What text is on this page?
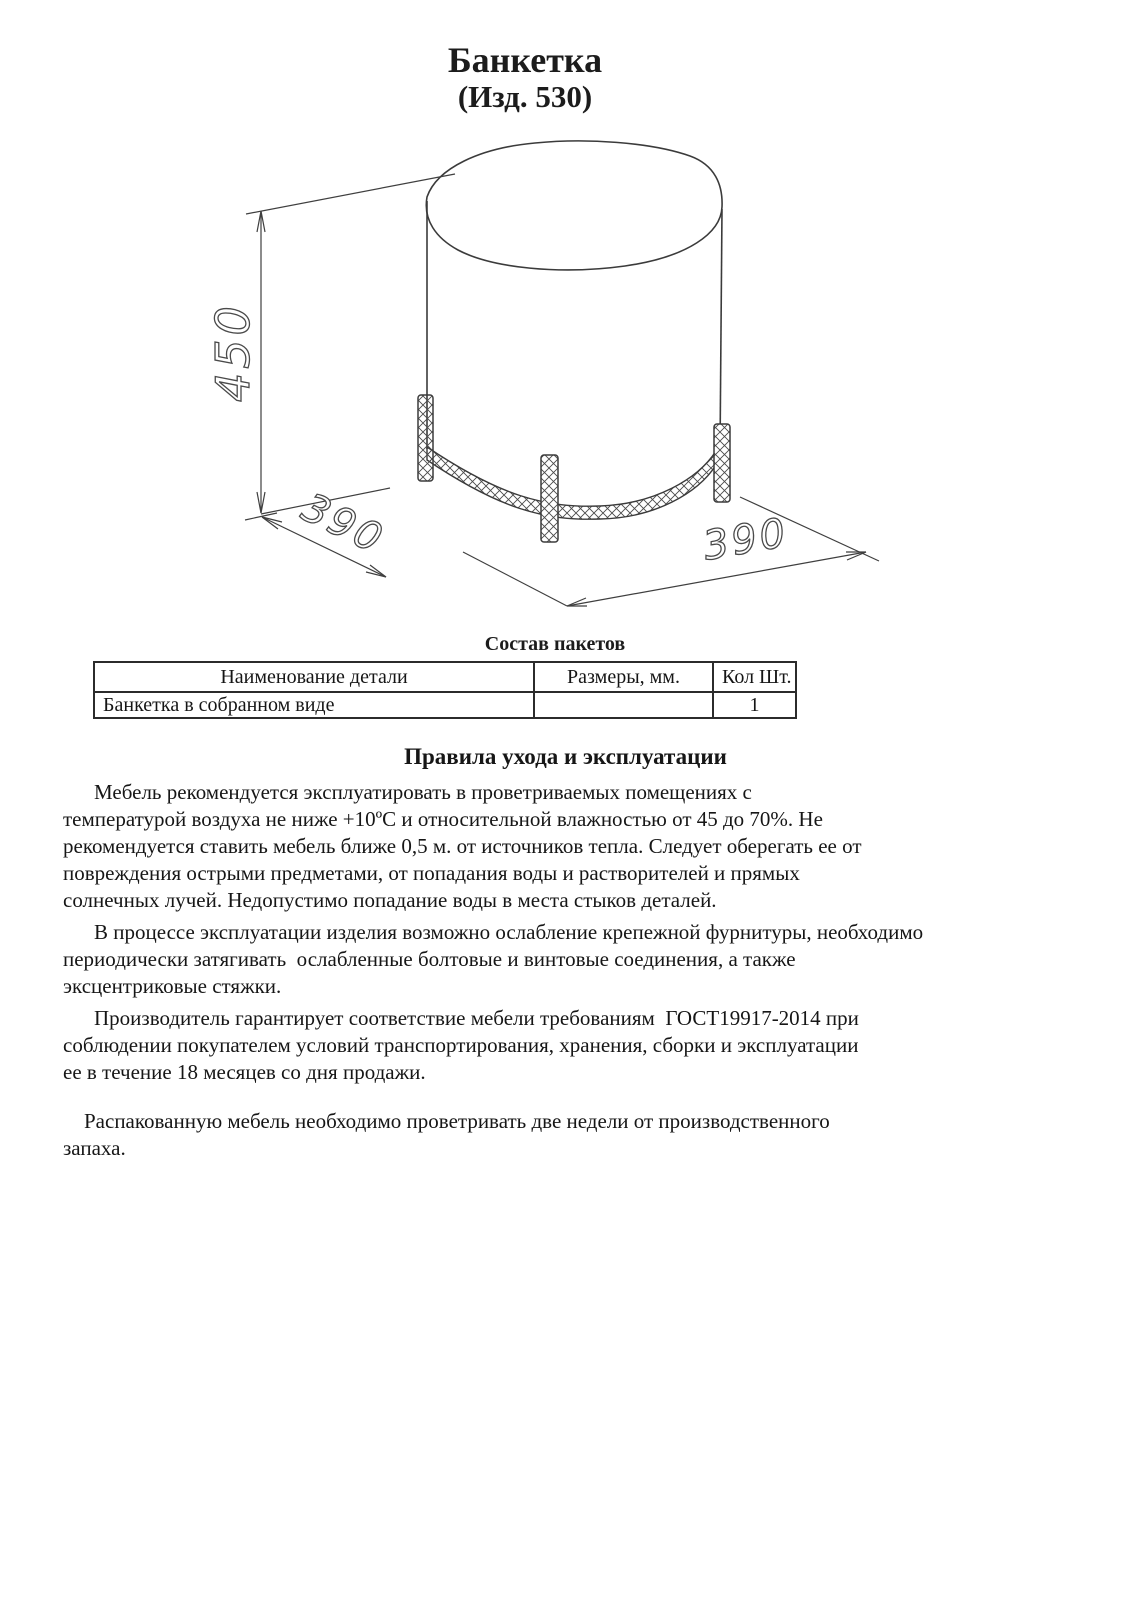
Банкетка
(Изд. 530)
450
390	390
Состав пакетов
Наименование детали	Размеры, мм.	Кол Шт.
Банкетка в собранном виде		1
Правила ухода и эксплуатации
Мебель рекомендуется эксплуатировать в проветриваемых помещениях с
температурой воздуха не ниже +10ºС и относительной влажностью от 45 до 70%. Не
рекомендуется ставить мебель ближе 0,5 м. от источников тепла. Следует оберегать ее от
повреждения острыми предметами, от попадания воды и растворителей и прямых
солнечных лучей. Недопустимо попадание воды в места стыков деталей.
В процессе эксплуатации изделия возможно ослабление крепежной фурнитуры, необходимо
периодически затягивать  ослабленные болтовые и винтовые соединения, а также
эксцентриковые стяжки.
Производитель гарантирует соответствие мебели требованиям  ГОСТ19917-2014 при
соблюдении покупателем условий транспортирования, хранения, сборки и эксплуатации
ее в течение 18 месяцев со дня продажи.
Распакованную мебель необходимо проветривать две недели от производственного
запаха.
